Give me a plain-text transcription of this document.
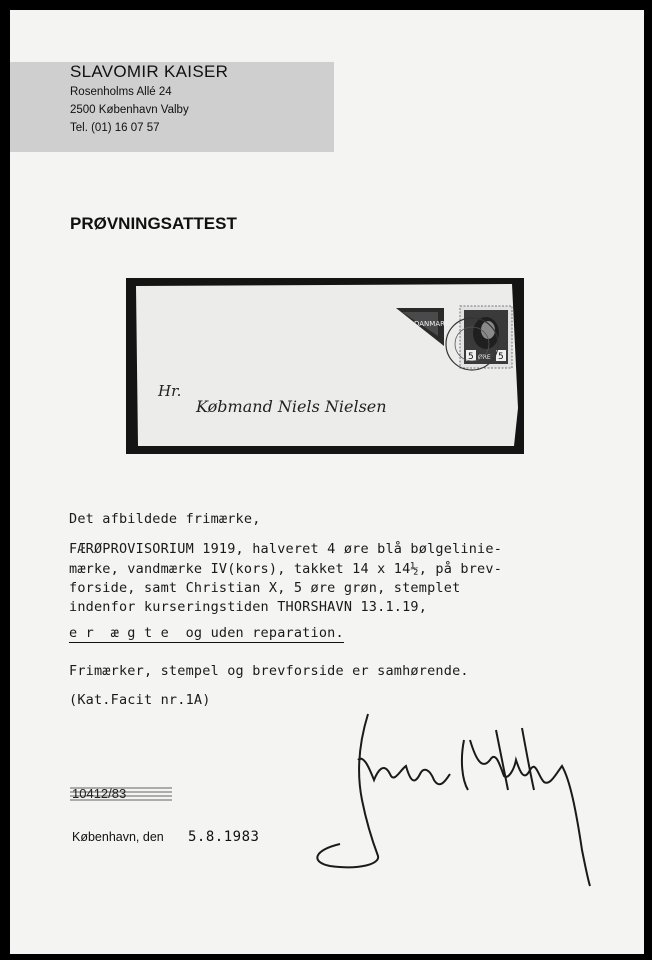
SLAVOMIR KAISER
Rosenholms Allé 24
2500 København Valby
Tel. (01) 16 07 57
PRØVNINGSATTEST
DANMARK
5	5
ØRE
Hr.
Købmand Niels Nielsen
Det afbildede frimærke,
FÆRØPROVISORIUM 1919, halveret 4 øre blå bølgelinie-
mærke, vandmærke IV(kors), takket 14 x 14½, på brev-
forside, samt Christian X, 5 øre grøn, stemplet
indenfor kurseringstiden THORSHAVN 13.1.19,
e r  æ g t e  og uden reparation.
Frimærker, stempel og brevforside er samhørende.
(Kat.Facit nr.1A)
10412/83
København, den 5.8.1983
